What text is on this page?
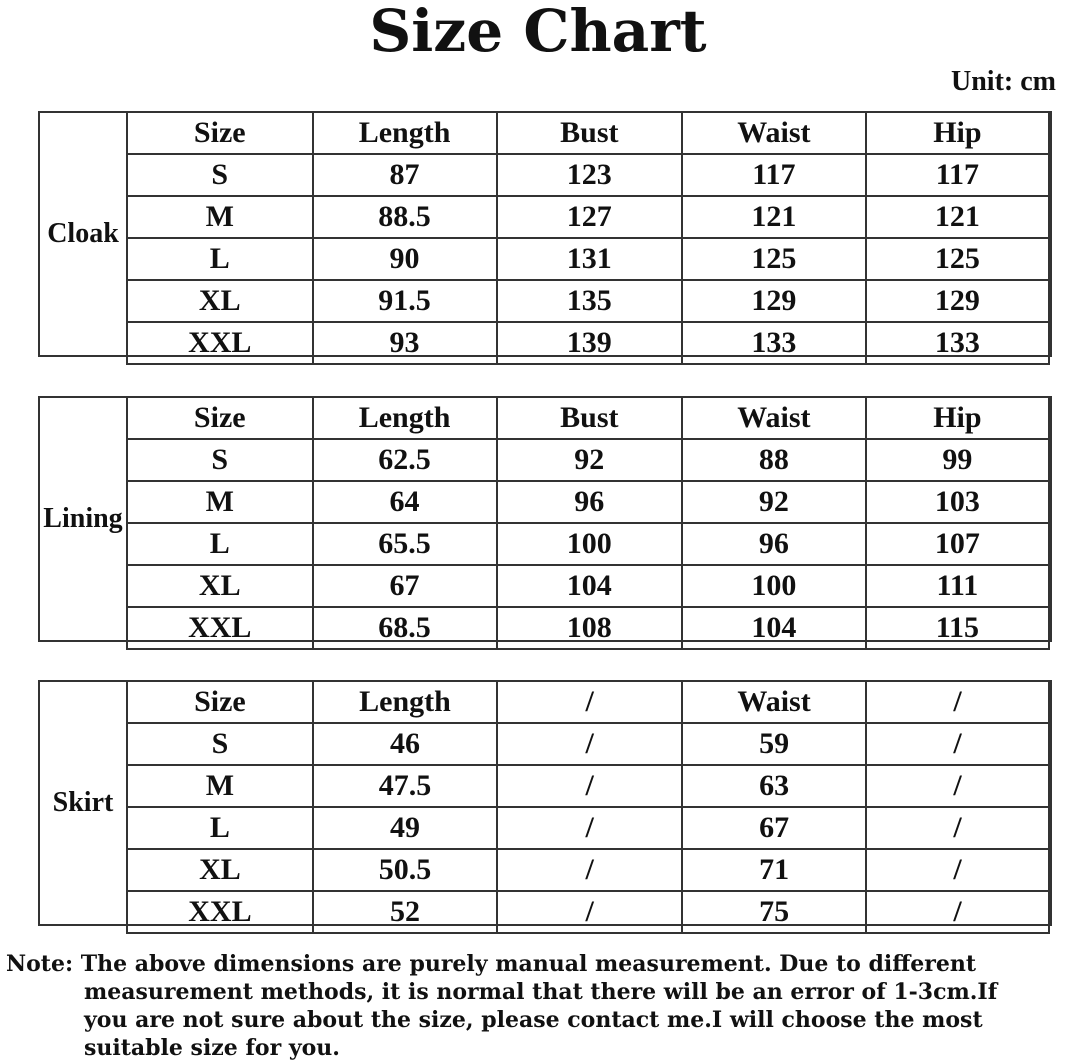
Size Chart
Unit: cm
Cloak
Size	Length	Bust	Waist	Hip
S	87	123	117	117
M	88.5	127	121	121
L	90	131	125	125
XL	91.5	135	129	129
XXL	93	139	133	133
Lining
Size	Length	Bust	Waist	Hip
S	62.5	92	88	99
M	64	96	92	103
L	65.5	100	96	107
XL	67	104	100	111
XXL	68.5	108	104	115
Skirt
Size	Length	/	Waist	/
S	46	/	59	/
M	47.5	/	63	/
L	49	/	67	/
XL	50.5	/	71	/
XXL	52	/	75	/
Note: The above dimensions are purely manual measurement. Due to different
measurement methods, it is normal that there will be an error of 1-3cm.If
you are not sure about the size, please contact me.I will choose the most
suitable size for you.
